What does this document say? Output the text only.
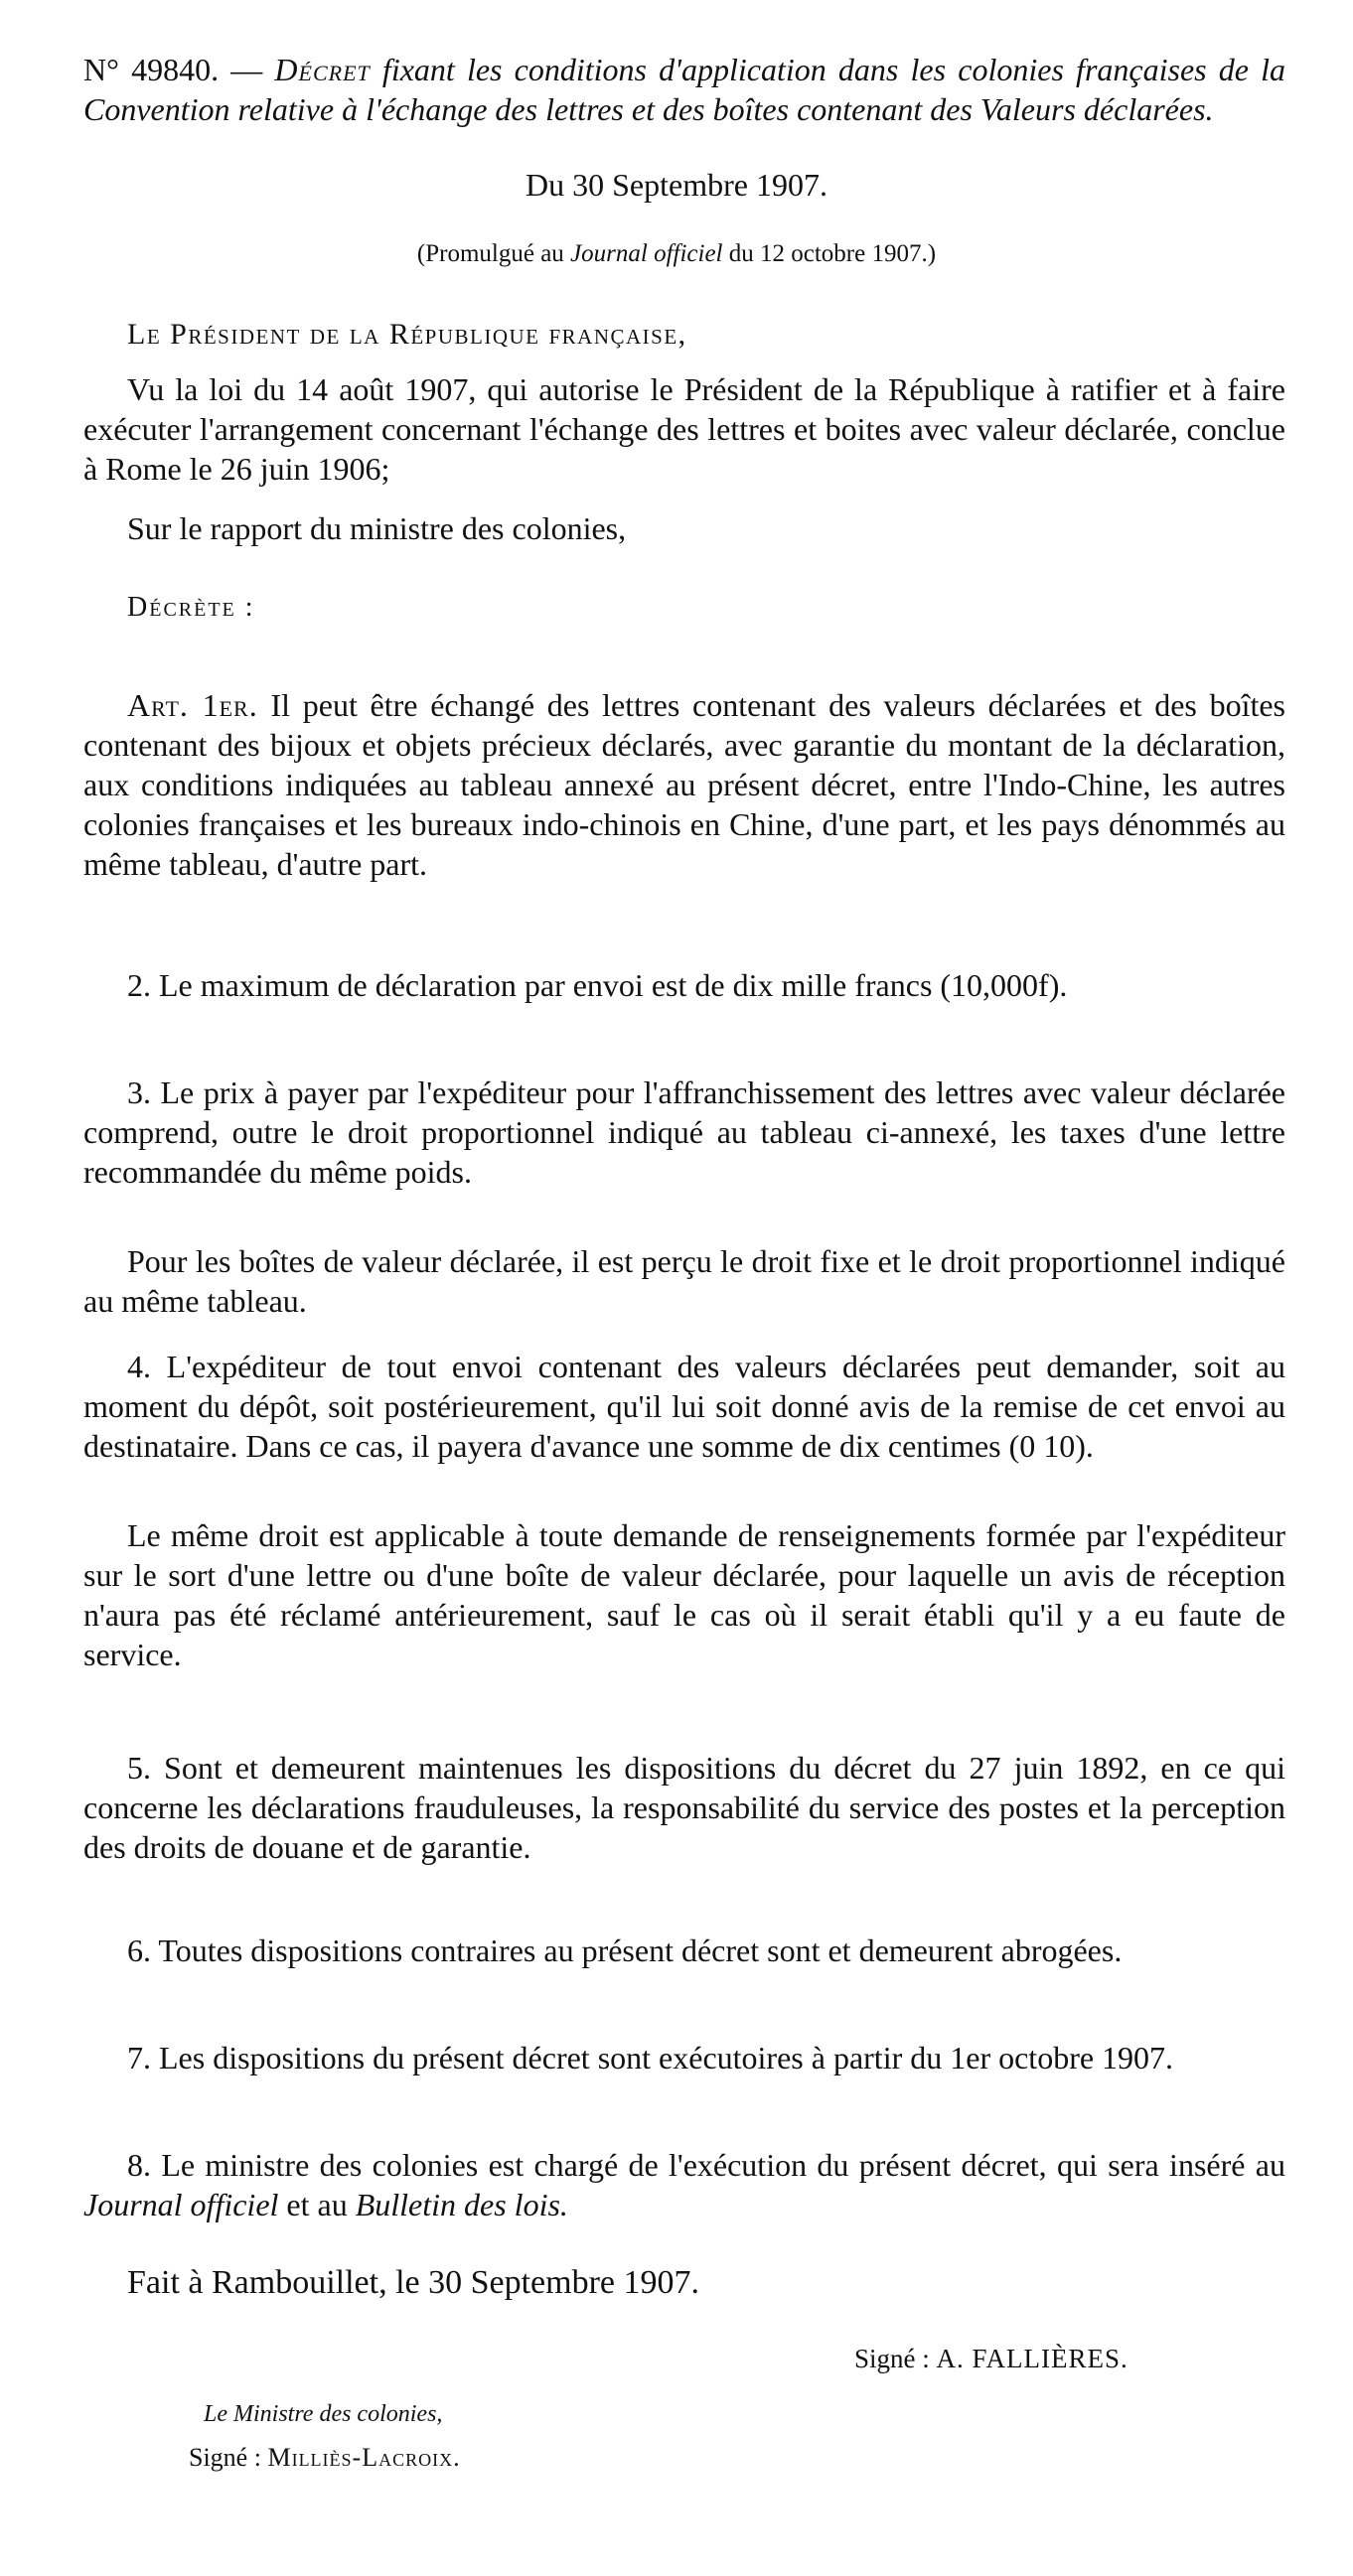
N° 49840. — Décret fixant les conditions d'application dans les colonies françaises de la Convention relative à l'échange des lettres et des boîtes contenant des Valeurs déclarées.
Du 30 Septembre 1907.
(Promulgué au Journal officiel du 12 octobre 1907.)
Le Président de la République française,

Vu la loi du 14 août 1907, qui autorise le Président de la République à ratifier et à faire exécuter l'arrangement concernant l'échange des lettres et boites avec valeur déclarée, conclue à Rome le 26 juin 1906;

Sur le rapport du ministre des colonies,

Décrète :

Art. 1er. Il peut être échangé des lettres contenant des valeurs déclarées et des boîtes contenant des bijoux et objets précieux déclarés, avec garantie du montant de la déclaration, aux conditions indiquées au tableau annexé au présent décret, entre l'Indo-Chine, les autres colonies françaises et les bureaux indo-chinois en Chine, d'une part, et les pays dénommés au même tableau, d'autre part.

2. Le maximum de déclaration par envoi est de dix mille francs (10,000f).

3. Le prix à payer par l'expéditeur pour l'affranchissement des lettres avec valeur déclarée comprend, outre le droit proportionnel indiqué au tableau ci-annexé, les taxes d'une lettre recommandée du même poids.

Pour les boîtes de valeur déclarée, il est perçu le droit fixe et le droit proportionnel indiqué au même tableau.

4. L'expéditeur de tout envoi contenant des valeurs déclarées peut demander, soit au moment du dépôt, soit postérieurement, qu'il lui soit donné avis de la remise de cet envoi au destinataire. Dans ce cas, il payera d'avance une somme de dix centimes (0 10).

Le même droit est applicable à toute demande de renseignements formée par l'expéditeur sur le sort d'une lettre ou d'une boîte de valeur déclarée, pour laquelle un avis de réception n'aura pas été réclamé antérieurement, sauf le cas où il serait établi qu'il y a eu faute de service.

5. Sont et demeurent maintenues les dispositions du décret du 27 juin 1892, en ce qui concerne les déclarations frauduleuses, la responsabilité du service des postes et la perception des droits de douane et de garantie.

6. Toutes dispositions contraires au présent décret sont et demeurent abrogées.

7. Les dispositions du présent décret sont exécutoires à partir du 1er octobre 1907.

8. Le ministre des colonies est chargé de l'exécution du présent décret, qui sera inséré au Journal officiel et au Bulletin des lois.

Fait à Rambouillet, le 30 Septembre 1907.
Signé : A. FALLIÈRES.
Le Ministre des colonies,
Signé : Milliès-Lacroix.
